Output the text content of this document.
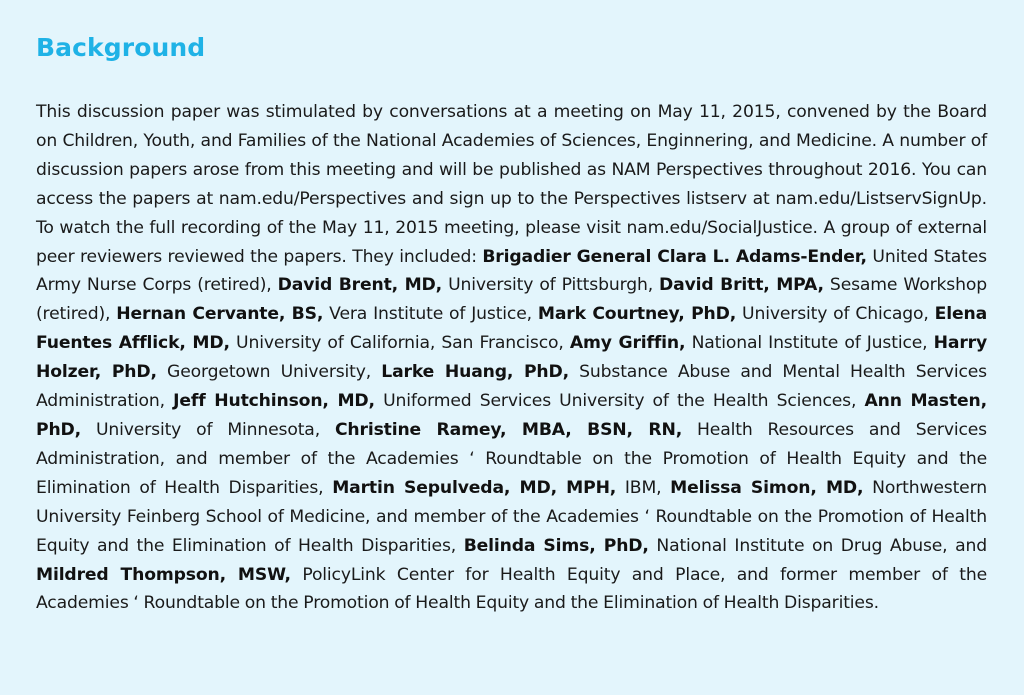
Background

This discussion paper was stimulated by conversations at a meeting on May 11, 2015, convened by the Board on Children, Youth, and Families of the National Academies of Sciences, Enginnering, and Medicine. A number of discussion papers arose from this meeting and will be published as NAM Perspectives throughout 2016. You can access the papers at nam.edu/Perspectives and sign up to the Perspectives listserv at nam.edu/ListservSignUp. To watch the full recording of the May 11, 2015 meeting, please visit nam.edu/SocialJustice. A group of external peer reviewers reviewed the papers. They included: Brigadier General Clara L. Adams-Ender, United States Army Nurse Corps (retired), David Brent, MD, University of Pittsburgh, David Britt, MPA, Sesame Workshop (retired), Hernan Cervante, BS, Vera Institute of Justice, Mark Courtney, PhD, University of Chicago, Elena Fuentes Afflick, MD, University of California, San Francisco, Amy Griffin, National Institute of Justice, Harry Holzer, PhD, Georgetown University, Larke Huang, PhD, Substance Abuse and Mental Health Services Administration, Jeff Hutchinson, MD, Uniformed Services University of the Health Sciences, Ann Masten, PhD, University of Minnesota, Christine Ramey, MBA, BSN, RN, Health Resources and Services Administration, and member of the Academies ‘ Roundtable on the Promotion of Health Equity and the Elimination of Health Disparities, Martin Sepulveda, MD, MPH, IBM, Melissa Simon, MD, Northwestern University Feinberg School of Medicine, and member of the Academies ‘ Roundtable on the Promotion of Health Equity and the Elimination of Health Disparities, Belinda Sims, PhD, National Institute on Drug Abuse, and Mildred Thompson, MSW, PolicyLink Center for Health Equity and Place, and former member of the Academies ‘ Roundtable on the Promotion of Health Equity and the Elimination of Health Disparities.
